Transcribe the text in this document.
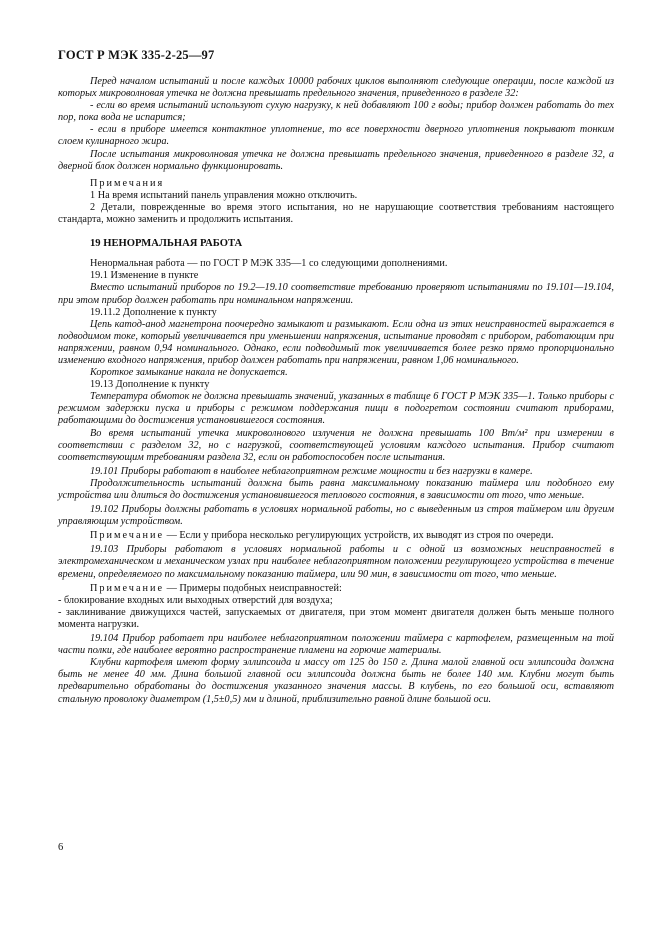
ГОСТ Р МЭК 335-2-25—97

Перед началом испытаний и после каждых 10000 рабочих циклов выполняют следующие операции, после каждой из которых микроволновая утечка не должна превышать предельного значения, приведенного в разделе 32:

- если во время испытаний используют сухую нагрузку, к ней добавляют 100 г воды; прибор должен работать до тех пор, пока вода не испарится;

- если в приборе имеется контактное уплотнение, то все поверхности дверного уплотнения покрывают тонким слоем кулинарного жира.

После испытания микроволновая утечка не должна превышать предельного значения, приведенного в разделе 32, а дверной блок должен нормально функционировать.

Примечания

1 На время испытаний панель управления можно отключить.

2 Детали, поврежденные во время этого испытания, но не нарушающие соответствия требованиям настоящего стандарта, можно заменить и продолжить испытания.

19 НЕНОРМАЛЬНАЯ РАБОТА

Ненормальная работа — по ГОСТ Р МЭК 335—1 со следующими дополнениями.

19.1 Изменение в пункте

Вместо испытаний приборов по 19.2—19.10 соответствие требованию проверяют испытаниями по 19.101—19.104, при этом прибор должен работать при номинальном напряжении.

19.11.2 Дополнение к пункту

Цепь катод-анод магнетрона поочередно замыкают и размыкают. Если одна из этих неисправностей выражается в подводимом токе, который увеличивается при уменьшении напряжения, испытание проводят с прибором, работающим при напряжении, равном 0,94 номинального. Однако, если подводимый ток увеличивается более резко прямо пропорционально изменению входного напряжения, прибор должен работать при напряжении, равном 1,06 номинального.

Короткое замыкание накала не допускается.

19.13 Дополнение к пункту

Температура обмоток не должна превышать значений, указанных в таблице 6 ГОСТ Р МЭК 335—1. Только приборы с режимом задержки пуска и приборы с режимом поддержания пищи в подогретом состоянии считают приборами, работающими до достижения установившегося состояния.

Во время испытаний утечка микроволнового излучения не должна превышать 100 Вт/м² при измерении в соответствии с разделом 32, но с нагрузкой, соответствующей условиям каждого испытания. Прибор считают соответствующим требованиям раздела 32, если он работоспособен после испытания.

19.101 Приборы работают в наиболее неблагоприятном режиме мощности и без нагрузки в камере.

Продолжительность испытаний должна быть равна максимальному показанию таймера или подобного ему устройства или длиться до достижения установившегося теплового состояния, в зависимости от того, что меньше.

19.102 Приборы должны работать в условиях нормальной работы, но с выведенным из строя таймером или другим управляющим устройством.

Примечание — Если у прибора несколько регулирующих устройств, их выводят из строя по очереди.

19.103 Приборы работают в условиях нормальной работы и с одной из возможных неисправностей в электромеханическом и механическом узлах при наиболее неблагоприятном положении регулирующего устройства в течение времени, определяемого по максимальному показанию таймера, или 90 мин, в зависимости от того, что меньше.

Примечание — Примеры подобных неисправностей:

- блокирование входных или выходных отверстий для воздуха;

- заклинивание движущихся частей, запускаемых от двигателя, при этом момент двигателя должен быть меньше полного момента нагрузки.

19.104 Прибор работает при наиболее неблагоприятном положении таймера с картофелем, размещенным на той части полки, где наиболее вероятно распространение пламени на горючие материалы.

Клубни картофеля имеют форму эллипсоида и массу от 125 до 150 г. Длина малой главной оси эллипсоида должна быть не менее 40 мм. Длина большой главной оси эллипсоида должна быть не более 140 мм. Клубни могут быть предварительно обработаны до достижения указанного значения массы. В клубень, по его большой оси, вставляют стальную проволоку диаметром (1,5±0,5) мм и длиной, приблизительно равной длине большой оси.

6
